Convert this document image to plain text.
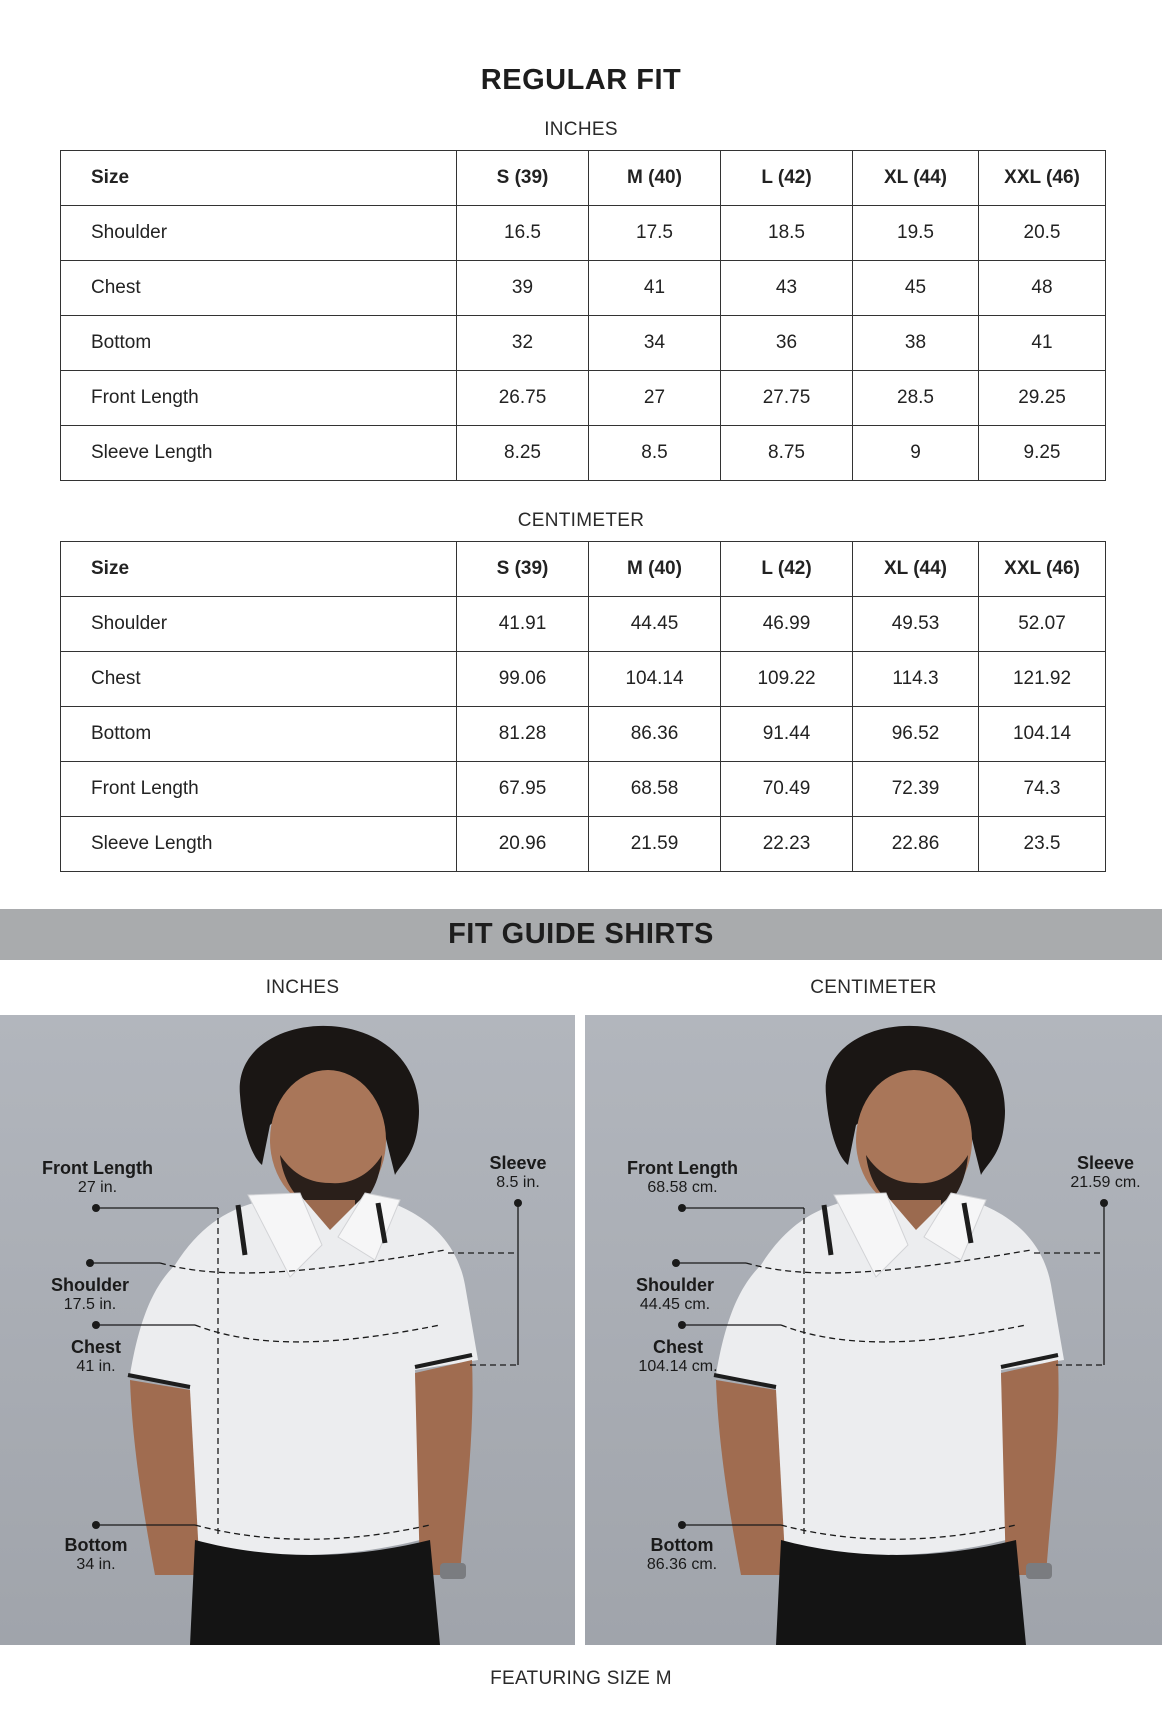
REGULAR FIT
INCHES
Size	S (39)	M (40)	L (42)	XL (44)	XXL (46)
Shoulder	16.5	17.5	18.5	19.5	20.5
Chest	39	41	43	45	48
Bottom	32	34	36	38	41
Front Length	26.75	27	27.75	28.5	29.25
Sleeve Length	8.25	8.5	8.75	9	9.25
CENTIMETER
Size	S (39)	M (40)	L (42)	XL (44)	XXL (46)
Shoulder	41.91	44.45	46.99	49.53	52.07
Chest	99.06	104.14	109.22	114.3	121.92
Bottom	81.28	86.36	91.44	96.52	104.14
Front Length	67.95	68.58	70.49	72.39	74.3
Sleeve Length	20.96	21.59	22.23	22.86	23.5
FIT GUIDE SHIRTS
INCHES	CENTIMETER
Front Length
27 in.
Sleeve
8.5 in.
Shoulder
17.5 in.
Chest
41 in.
Bottom
34 in.
Front Length
68.58 cm.
Sleeve
21.59 cm.
Shoulder
44.45 cm.
Chest
104.14 cm.
Bottom
86.36 cm.
FEATURING SIZE M
